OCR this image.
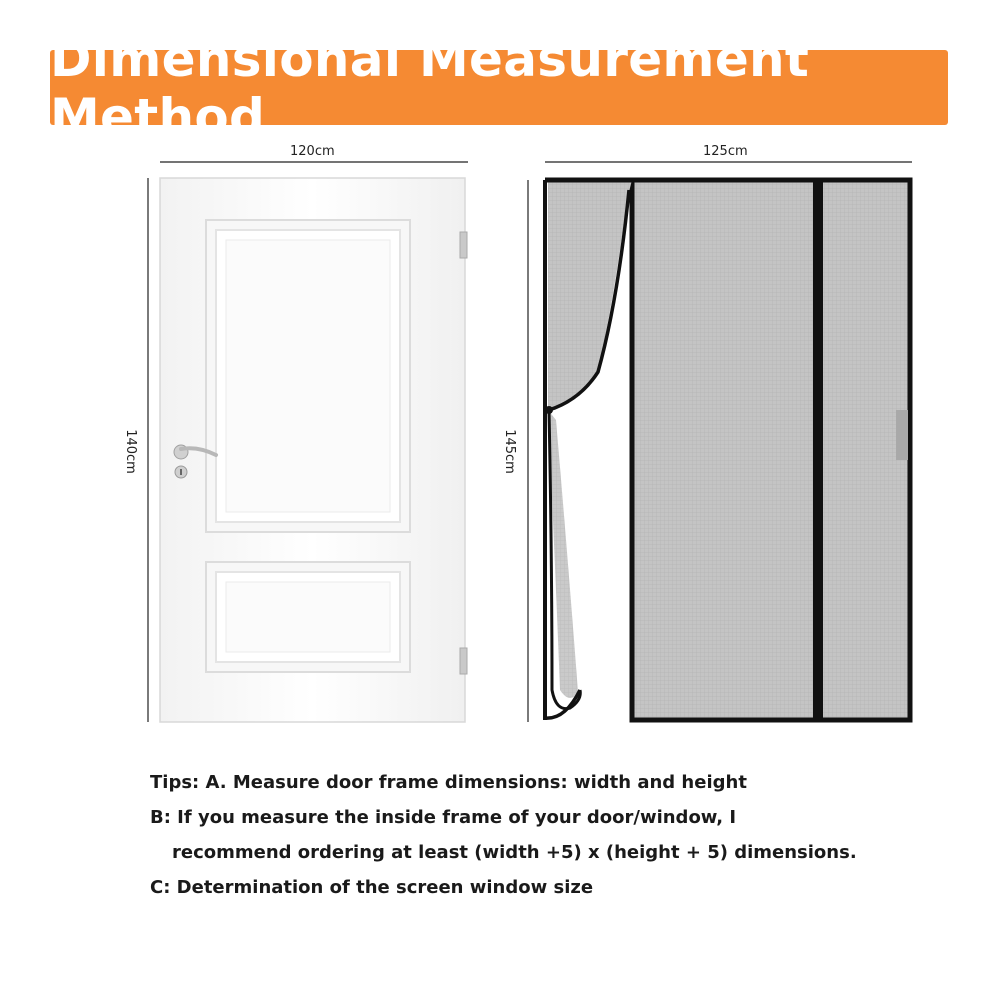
Dimensional Measurement Method
120cm	125cm
140cm	145cm
Tips: A. Measure door frame dimensions: width and height
B: If you measure the inside frame of your door/window, I
recommend ordering at least (width +5) x (height + 5) dimensions.
C: Determination of the screen window size
